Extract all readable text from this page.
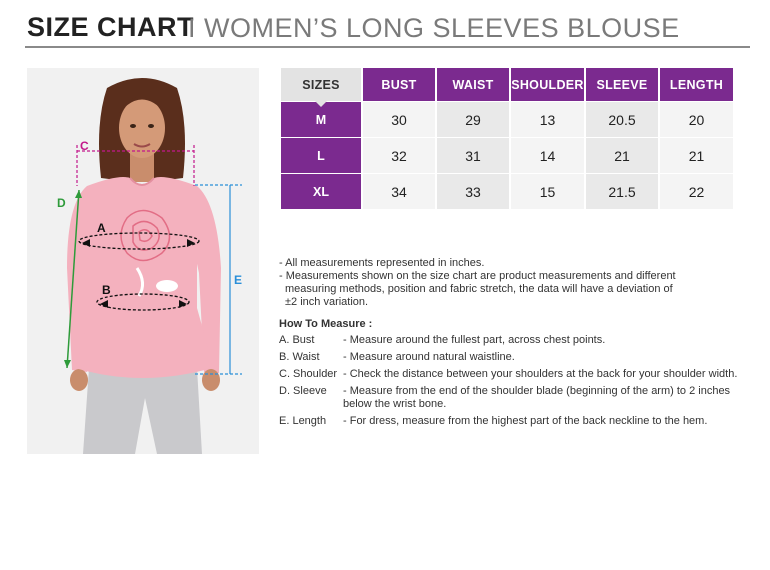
SIZE CHART
I WOMEN’S LONG SLEEVES BLOUSE
C
D
E
A
B
SIZES	BUST	WAIST	SHOULDER	SLEEVE	LENGTH
M	30	29	13	20.5	20
L	32	31	14	21	21
XL	34	33	15	21.5	22

- All measurements represented in inches.

- Measurements shown on the size chart are product measurements and different

measuring methods, position and fabric stretch, the data will have a deviation of

±2 inch variation.

How To Measure :

A. Bust	- Measure around the fullest part, across chest points.
B. Waist	- Measure around natural waistline.
C. Shoulder - Check the distance between your shoulders at the back for your shoulder width.
D. Sleeve	- Measure from the end of the shoulder blade (beginning of the arm) to 2 inches below the wrist bone.
E. Length	- For dress, measure from the highest part of the back neckline to the hem.
